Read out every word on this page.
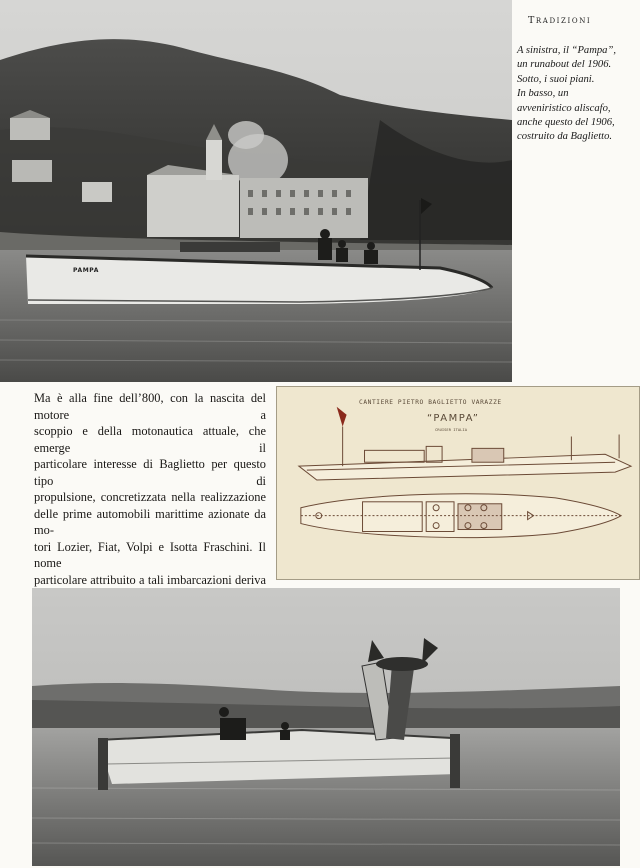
PAMPA
Tradizioni
A sinistra, il “Pampa”,
un runabout del 1906.
Sotto, i suoi piani.
In basso, un
avveniristico aliscafo,
anche questo del 1906,
costruito da Baglietto.

Ma è alla fine dell’800, con la nascita del motore a

scoppio e della motonautica attuale, che emerge il

particolare interesse di Baglietto per questo tipo di

propulsione, concretizzata nella realizzazione

delle prime automobili marittime azionate da mo-

tori Lozier, Fiat, Volpi e Isotta Fraschini. Il nome

particolare attribuito a tali imbarcazioni deriva

CANTIERE PIETRO BAGLIETTO VARAZZE
“PAMPA”
CRUISER ITALIA
